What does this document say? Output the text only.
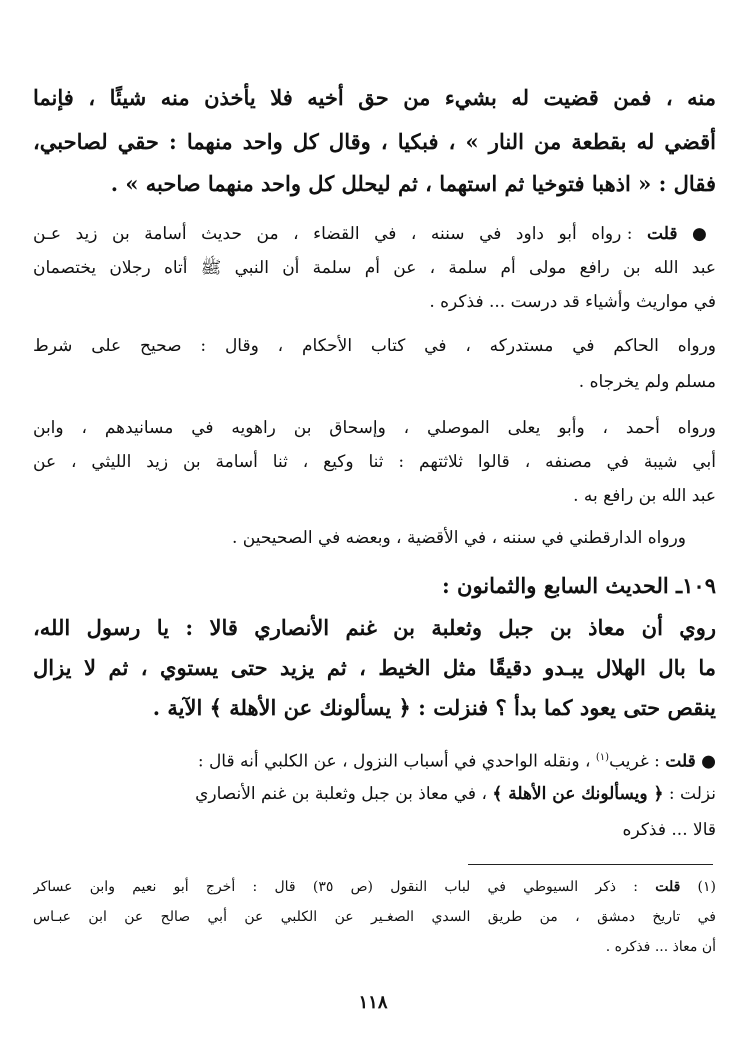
منه ، فمن قضيت له بشيء من حق أخيه فلا يأخذن منه شيئًا ، فإنما
أقضي له بقطعة من النار » ، فبكيا ، وقال كل واحد منهما : حقي لصاحبي،
فقال : « اذهبا فتوخيا ثم استهما ، ثم ليحلل كل واحد منهما صاحبه » .
● قلت : رواه أبو داود في سننه ، في القضاء ، من حديث أسامة بن زيد عـن
عبد الله بن رافع مولى أم سلمة ، عن أم سلمة أن النبي ﷺ أتاه رجلان يختصمان
في مواريث وأشياء قد درست ... فذكره .
ورواه الحاكم في مستدركه ، في كتاب الأحكام ، وقال : صحيح على شرط
مسلم ولم يخرجاه .
ورواه أحمد ، وأبو يعلى الموصلي ، وإسحاق بن راهويه في مسانيدهم ، وابن
أبي شيبة في مصنفه ، قالوا ثلاثتهم : ثنا وكيع ، ثنا أسامة بن زيد الليثي ، عن
عبد الله بن رافع به .
ورواه الدارقطني في سننه ، في الأقضية ، وبعضه في الصحيحين .
١٠٩ـ الحديث السابع والثمانون :
روي أن معاذ بن جبل وثعلبة بن غنم الأنصاري قالا : يا رسول الله،
ما بال الهلال يبـدو دقيقًا مثل الخيط ، ثم يزيد حتى يستوي ، ثم لا يزال
ينقص حتى يعود كما بدأ ؟ فنزلت : ﴿ يسألونك عن الأهلة ﴾ الآية .
● قلت : غريب$^{(١)}$ ، ونقله الواحدي في أسباب النزول ، عن الكلبي أنه قال :
نزلت : ﴿ ويسألونك عن الأهلة ﴾ ، في معاذ بن جبل وثعلبة بن غنم الأنصاري
قالا ... فذكره
(١) قلت : ذكر السيوطي في لباب النقول (ص ٣٥) قال : أخرج أبو نعيم وابن عساكر
في تاريخ دمشق ، من طريق السدي الصغـير عن الكلبي عن أبي صالح عن ابن عبـاس
أن معاذ ... فذكره .
١١٨
